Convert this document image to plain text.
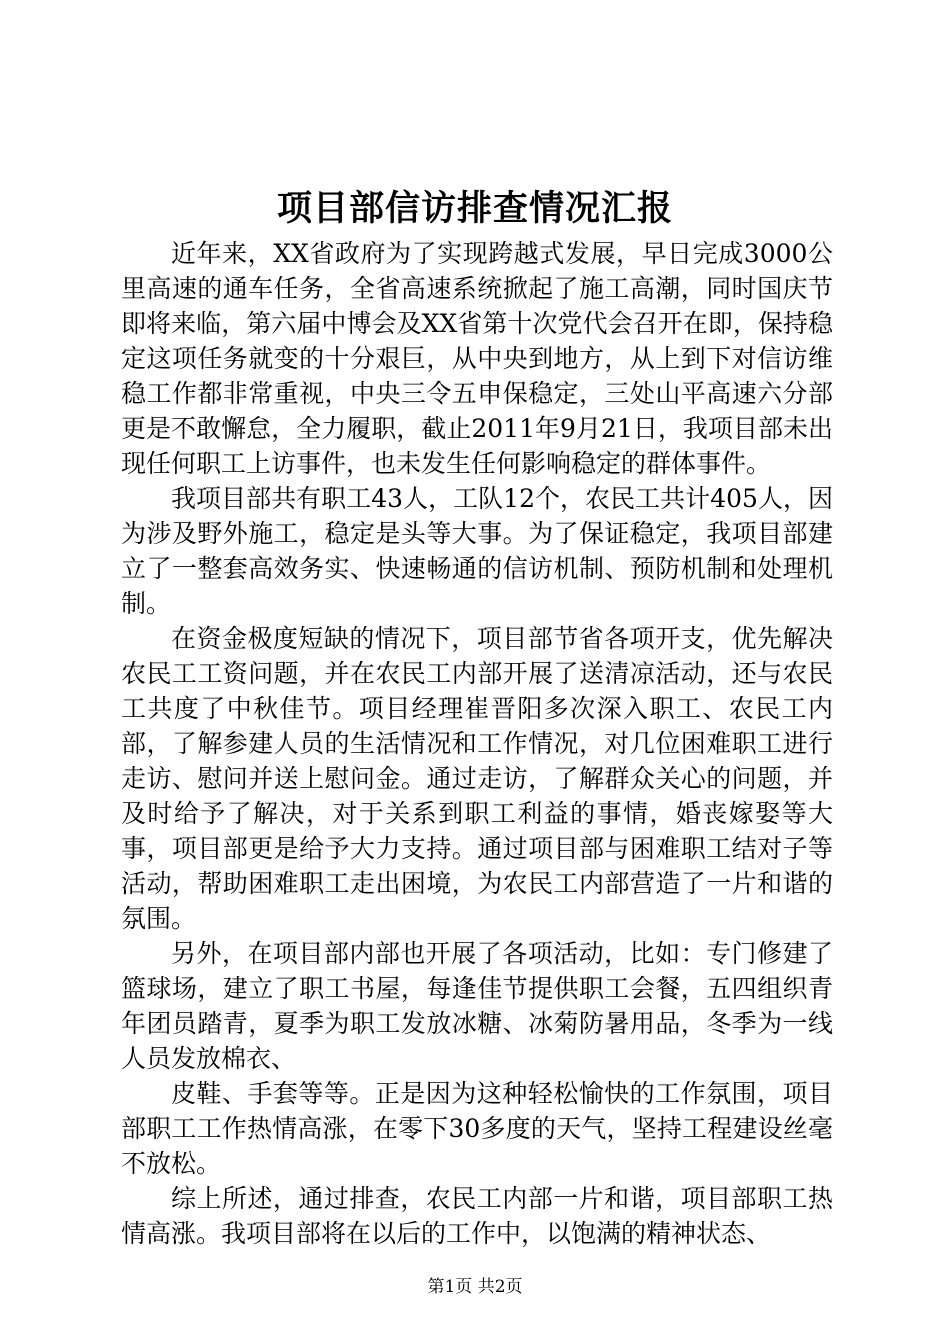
项目部信访排查情况汇报

近年来，XX省政府为了实现跨越式发展，早日完成3000公里高速的通车任务，全省高速系统掀起了施工高潮，同时国庆节即将来临，第六届中博会及XX省第十次党代会召开在即，保持稳定这项任务就变的十分艰巨，从中央到地方，从上到下对信访维稳工作都非常重视，中央三令五申保稳定，三处山平高速六分部更是不敢懈怠，全力履职，截止2011年9月21日，我项目部未出现任何职工上访事件，也未发生任何影响稳定的群体事件。

我项目部共有职工43人，工队12个，农民工共计405人，因为涉及野外施工，稳定是头等大事。为了保证稳定，我项目部建立了一整套高效务实、快速畅通的信访机制、预防机制和处理机制。

在资金极度短缺的情况下，项目部节省各项开支，优先解决农民工工资问题，并在农民工内部开展了送清凉活动，还与农民工共度了中秋佳节。项目经理崔晋阳多次深入职工、农民工内部，了解参建人员的生活情况和工作情况，对几位困难职工进行走访、慰问并送上慰问金。通过走访，了解群众关心的问题，并及时给予了解决，对于关系到职工利益的事情，婚丧嫁娶等大事，项目部更是给予大力支持。通过项目部与困难职工结对子等活动，帮助困难职工走出困境，为农民工内部营造了一片和谐的氛围。

另外，在项目部内部也开展了各项活动，比如：专门修建了篮球场，建立了职工书屋，每逢佳节提供职工会餐，五四组织青年团员踏青，夏季为职工发放冰糖、冰菊防暑用品，冬季为一线人员发放棉衣、

皮鞋、手套等等。正是因为这种轻松愉快的工作氛围，项目部职工工作热情高涨，在零下30多度的天气，坚持工程建设丝毫不放松。

综上所述，通过排查，农民工内部一片和谐，项目部职工热情高涨。我项目部将在以后的工作中，以饱满的精神状态、

第1页 共2页
